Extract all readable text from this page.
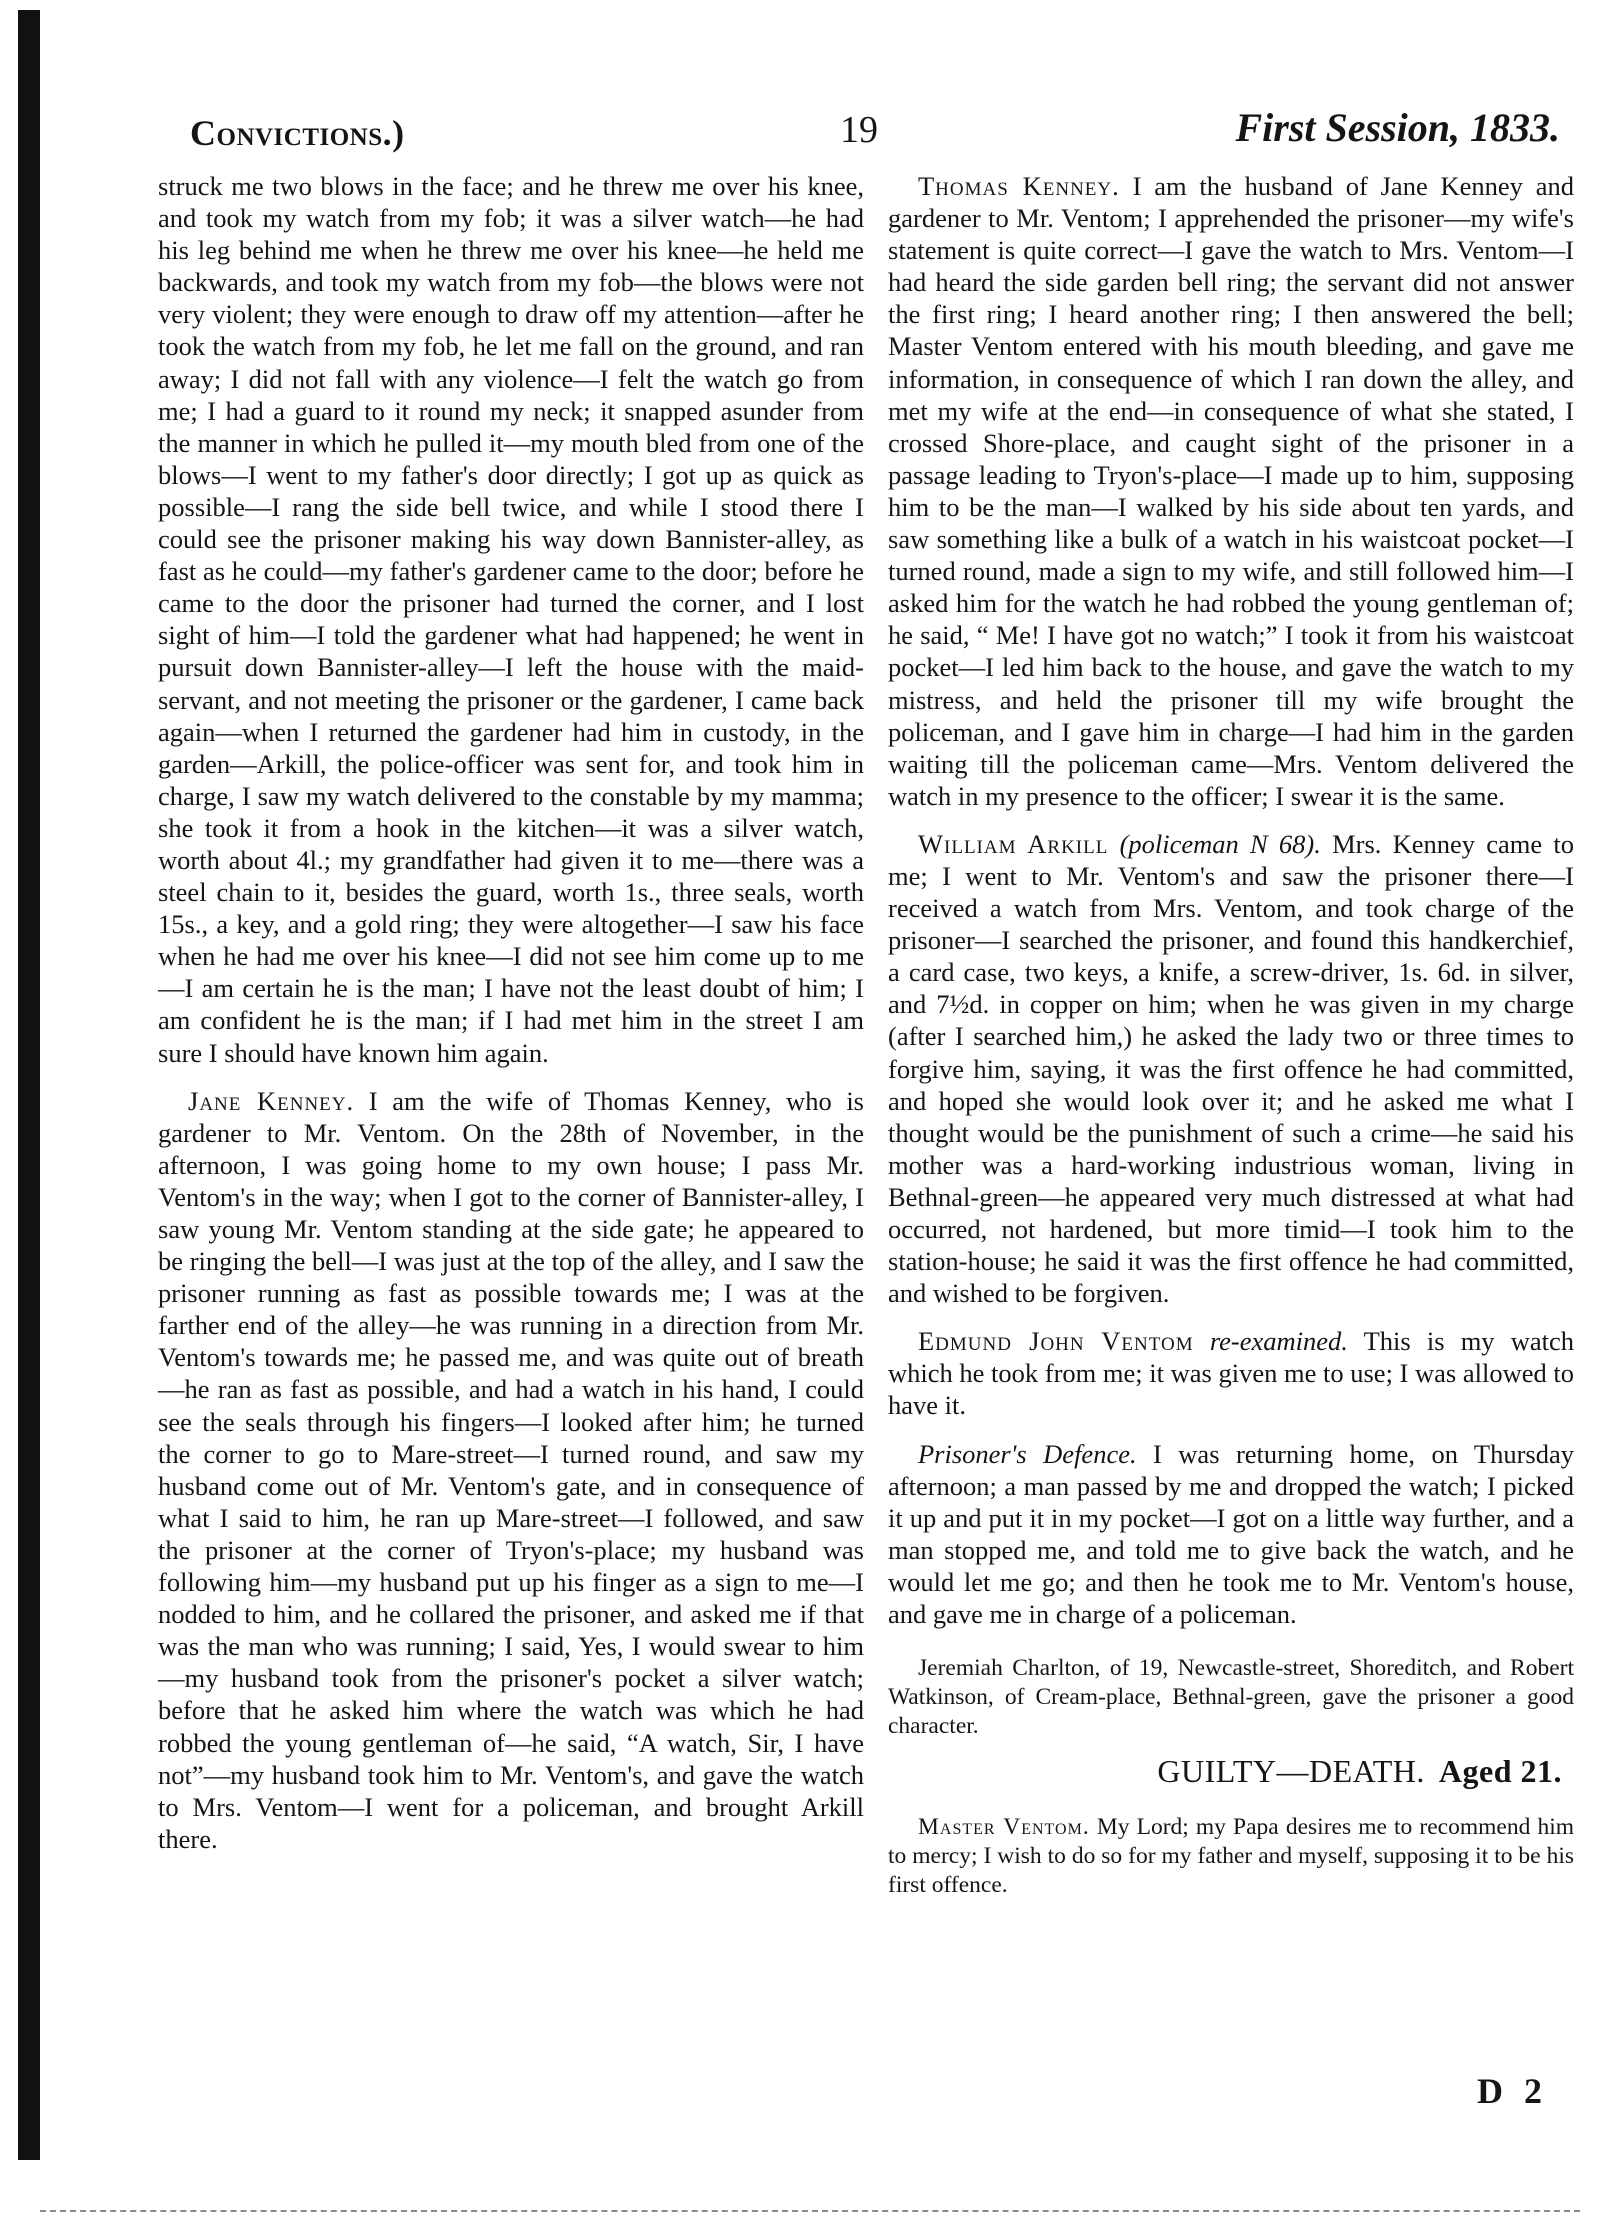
Convictions.)	19	First Session, 1833.

struck me two blows in the face; and he threw me over his knee, and took my watch from my fob; it was a silver watch—he had his leg behind me when he threw me over his knee—he held me backwards, and took my watch from my fob—the blows were not very violent; they were enough to draw off my attention—after he took the watch from my fob, he let me fall on the ground, and ran away; I did not fall with any violence—I felt the watch go from me; I had a guard to it round my neck; it snapped asunder from the manner in which he pulled it—my mouth bled from one of the blows—I went to my father's door directly; I got up as quick as possible—I rang the side bell twice, and while I stood there I could see the prisoner making his way down Bannister-alley, as fast as he could—my father's gardener came to the door; before he came to the door the prisoner had turned the corner, and I lost sight of him—I told the gardener what had happened; he went in pursuit down Bannister-alley—I left the house with the maid-servant, and not meeting the prisoner or the gardener, I came back again—when I returned the gardener had him in custody, in the garden—Arkill, the police-officer was sent for, and took him in charge, I saw my watch delivered to the constable by my mamma; she took it from a hook in the kitchen—it was a silver watch, worth about 4l.; my grandfather had given it to me—there was a steel chain to it, besides the guard, worth 1s., three seals, worth 15s., a key, and a gold ring; they were altogether—I saw his face when he had me over his knee—I did not see him come up to me—I am certain he is the man; I have not the least doubt of him; I am confident he is the man; if I had met him in the street I am sure I should have known him again.

Jane Kenney. I am the wife of Thomas Kenney, who is gardener to Mr. Ventom. On the 28th of November, in the afternoon, I was going home to my own house; I pass Mr. Ventom's in the way; when I got to the corner of Bannister-alley, I saw young Mr. Ventom standing at the side gate; he appeared to be ringing the bell—I was just at the top of the alley, and I saw the prisoner running as fast as possible towards me; I was at the farther end of the alley—he was running in a direction from Mr. Ventom's towards me; he passed me, and was quite out of breath—he ran as fast as possible, and had a watch in his hand, I could see the seals through his fingers—I looked after him; he turned the corner to go to Mare-street—I turned round, and saw my husband come out of Mr. Ventom's gate, and in consequence of what I said to him, he ran up Mare-street—I followed, and saw the prisoner at the corner of Tryon's-place; my husband was following him—my husband put up his finger as a sign to me—I nodded to him, and he collared the prisoner, and asked me if that was the man who was running; I said, Yes, I would swear to him—my husband took from the prisoner's pocket a silver watch; before that he asked him where the watch was which he had robbed the young gentleman of—he said, “A watch, Sir, I have not”—my husband took him to Mr. Ventom's, and gave the watch to Mrs. Ventom—I went for a policeman, and brought Arkill there.

Thomas Kenney. I am the husband of Jane Kenney and gardener to Mr. Ventom; I apprehended the prisoner—my wife's statement is quite correct—I gave the watch to Mrs. Ventom—I had heard the side garden bell ring; the servant did not answer the first ring; I heard another ring; I then answered the bell; Master Ventom entered with his mouth bleeding, and gave me information, in consequence of which I ran down the alley, and met my wife at the end—in consequence of what she stated, I crossed Shore-place, and caught sight of the prisoner in a passage leading to Tryon's-place—I made up to him, supposing him to be the man—I walked by his side about ten yards, and saw something like a bulk of a watch in his waistcoat pocket—I turned round, made a sign to my wife, and still followed him—I asked him for the watch he had robbed the young gentleman of; he said, “ Me! I have got no watch;” I took it from his waistcoat pocket—I led him back to the house, and gave the watch to my mistress, and held the prisoner till my wife brought the policeman, and I gave him in charge—I had him in the garden waiting till the policeman came—Mrs. Ventom delivered the watch in my presence to the officer; I swear it is the same.

William Arkill (policeman N 68). Mrs. Kenney came to me; I went to Mr. Ventom's and saw the prisoner there—I received a watch from Mrs. Ventom, and took charge of the prisoner—I searched the prisoner, and found this handkerchief, a card case, two keys, a knife, a screw-driver, 1s. 6d. in silver, and 7½d. in copper on him; when he was given in my charge (after I searched him,) he asked the lady two or three times to forgive him, saying, it was the first offence he had committed, and hoped she would look over it; and he asked me what I thought would be the punishment of such a crime—he said his mother was a hard-working industrious woman, living in Bethnal-green—he appeared very much distressed at what had occurred, not hardened, but more timid—I took him to the station-house; he said it was the first offence he had committed, and wished to be forgiven.

Edmund John Ventom re-examined. This is my watch which he took from me; it was given me to use; I was allowed to have it.

Prisoner's Defence. I was returning home, on Thursday afternoon; a man passed by me and dropped the watch; I picked it up and put it in my pocket—I got on a little way further, and a man stopped me, and told me to give back the watch, and he would let me go; and then he took me to Mr. Ventom's house, and gave me in charge of a policeman.

Jeremiah Charlton, of 19, Newcastle-street, Shoreditch, and Robert Watkinson, of Cream-place, Bethnal-green, gave the prisoner a good character.

GUILTY—DEATH. Aged 21.

Master Ventom. My Lord; my Papa desires me to recommend him to mercy; I wish to do so for my father and myself, supposing it to be his first offence.

D 2
